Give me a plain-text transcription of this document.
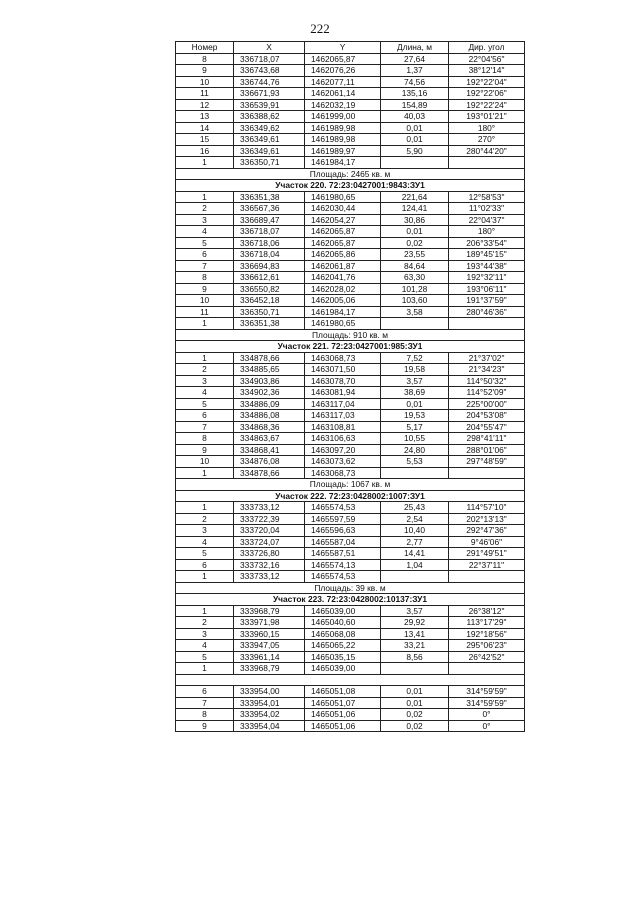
222
Номер	X	Y	Длина, м	Дир. угол
8	336718,07	1462065,87	27,64	22°04'56"
9	336743,68	1462076,26	1,37	38°12'14"
10	336744,76	1462077,11	74,56	192°22'04"
11	336671,93	1462061,14	135,16	192°22'06"
12	336539,91	1462032,19	154,89	192°22'24"
13	336388,62	1461999,00	40,03	193°01'21"
14	336349,62	1461989,98	0,01	180°
15	336349,61	1461989,98	0,01	270°
16	336349,61	1461989,97	5,90	280°44'20"
1	336350,71	1461984,17		
Площадь: 2465 кв. м				
Участок 220. 72:23:0427001:9843:ЗУ1				
1	336351,38	1461980,65	221,64	12°58'53"
2	336567,36	1462030,44	124,41	11°02'33"
3	336689,47	1462054,27	30,86	22°04'37"
4	336718,07	1462065,87	0,01	180°
5	336718,06	1462065,87	0,02	206°33'54"
6	336718,04	1462065,86	23,55	189°45'15"
7	336694,83	1462061,87	84,64	193°44'38"
8	336612,61	1462041,76	63,30	192°32'11"
9	336550,82	1462028,02	101,28	193°06'11"
10	336452,18	1462005,06	103,60	191°37'59"
11	336350,71	1461984,17	3,58	280°46'36"
1	336351,38	1461980,65		
Площадь: 910 кв. м				
Участок 221. 72:23:0427001:985:ЗУ1				
1	334878,66	1463068,73	7,52	21°37'02"
2	334885,65	1463071,50	19,58	21°34'23"
3	334903,86	1463078,70	3,57	114°50'32"
4	334902,36	1463081,94	38,69	114°52'09"
5	334886,09	1463117,04	0,01	225°00'00"
6	334886,08	1463117,03	19,53	204°53'08"
7	334868,36	1463108,81	5,17	204°55'47"
8	334863,67	1463106,63	10,55	298°41'11"
9	334868,41	1463097,20	24,80	288°01'06"
10	334876,08	1463073,62	5,53	297°48'59"
1	334878,66	1463068,73		
Площадь: 1067 кв. м				
Участок 222. 72:23:0428002:1007:ЗУ1				
1	333733,12	1465574,53	25,43	114°57'10"
2	333722,39	1465597,59	2,54	202°13'13"
3	333720,04	1465596,63	10,40	292°47'36"
4	333724,07	1465587,04	2,77	9°46'06"
5	333726,80	1465587,51	14,41	291°49'51"
6	333732,16	1465574,13	1,04	22°37'11"
1	333733,12	1465574,53		
Площадь: 39 кв. м				
Участок 223. 72:23:0428002:10137:ЗУ1				
1	333968,79	1465039,00	3,57	26°38'12"
2	333971,98	1465040,60	29,92	113°17'29"
3	333960,15	1465068,08	13,41	192°18'56"
4	333947,05	1465065,22	33,21	295°06'23"
5	333961,14	1465035,15	8,56	26°42'52"
1	333968,79	1465039,00		

6	333954,00	1465051,08	0,01	314°59'59"
7	333954,01	1465051,07	0,01	314°59'59"
8	333954,02	1465051,06	0,02	0°
9	333954,04	1465051,06	0,02	0°
